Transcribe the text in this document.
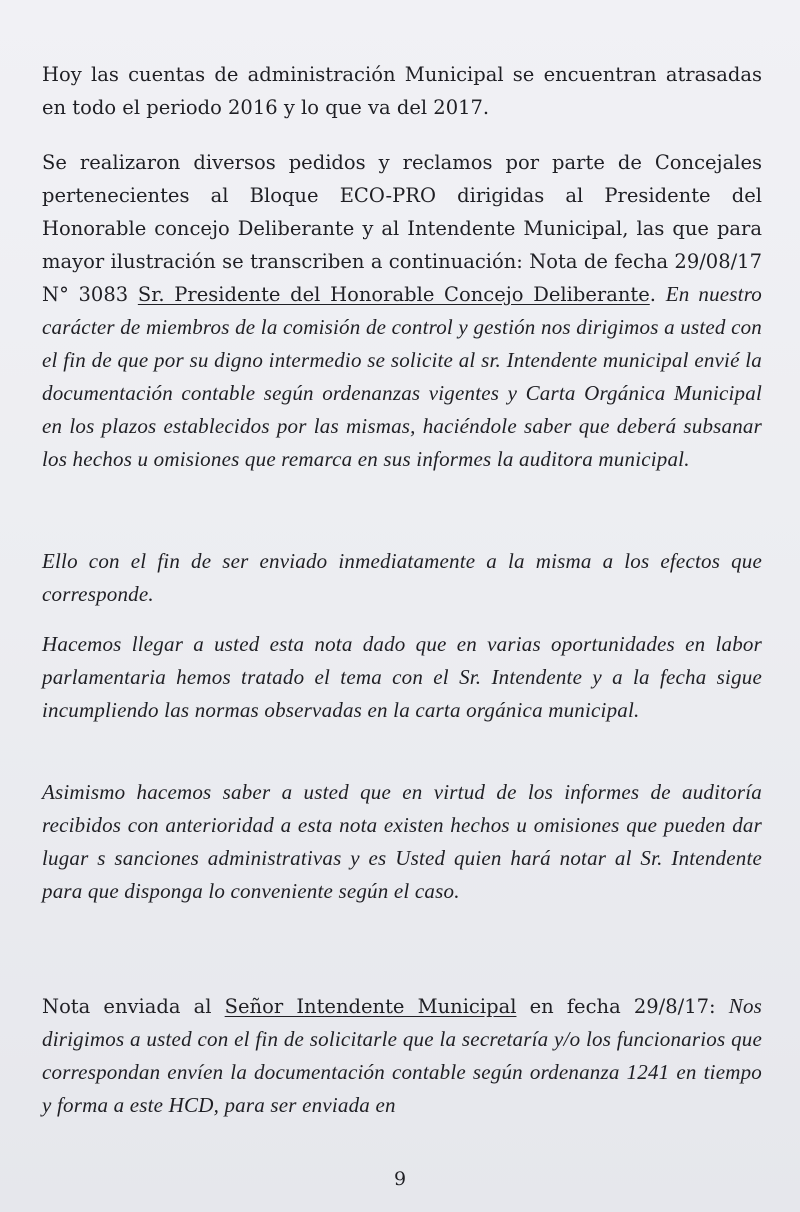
Hoy las cuentas de administración Municipal se encuentran atrasadas en todo el periodo 2016 y lo que va del 2017.

Se realizaron diversos pedidos y reclamos por parte de Concejales pertenecientes al Bloque ECO-PRO dirigidas al Presidente del Honorable concejo Deliberante y al Intendente Municipal, las que para mayor ilustración se transcriben a continuación: Nota de fecha 29/08/17 N° 3083 Sr. Presidente del Honorable Concejo Deliberante. En nuestro carácter de miembros de la comisión de control y gestión nos dirigimos a usted con el fin de que por su digno intermedio se solicite al sr. Intendente municipal envié la documentación contable según ordenanzas vigentes y Carta Orgánica Municipal en los plazos establecidos por las mismas, haciéndole saber que deberá subsanar los hechos u omisiones que remarca en sus informes la auditora municipal.

Ello con el fin de ser enviado inmediatamente a la misma a los efectos que corresponde.

Hacemos llegar a usted esta nota dado que en varias oportunidades en labor parlamentaria hemos tratado el tema con el Sr. Intendente y a la fecha sigue incumpliendo las normas observadas en la carta orgánica municipal.

Asimismo hacemos saber a usted que en virtud de los informes de auditoría recibidos con anterioridad a esta nota existen hechos u omisiones que pueden dar lugar s sanciones administrativas y es Usted quien hará notar al Sr. Intendente para que disponga lo conveniente según el caso.

Nota enviada al Señor Intendente Municipal en fecha 29/8/17: Nos dirigimos a usted con el fin de solicitarle que la secretaría y/o los funcionarios que correspondan envíen la documentación contable según ordenanza 1241 en tiempo y forma a este HCD, para ser enviada en

9
